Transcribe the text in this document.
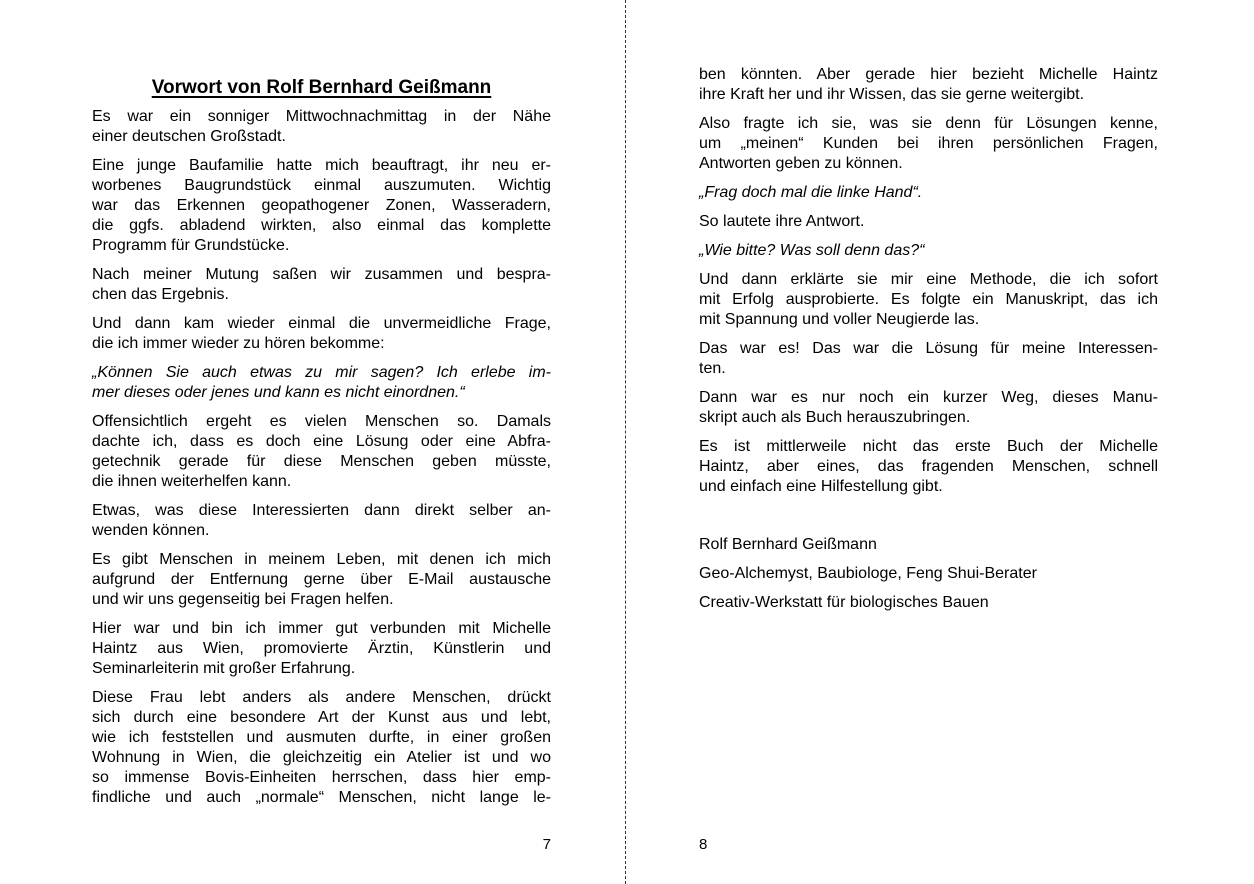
Vorwort von Rolf Bernhard Geißmann
Es war ein sonniger Mittwochnachmittag in der Nähe
einer deutschen Großstadt.
Eine junge Baufamilie hatte mich beauftragt, ihr neu er-
worbenes Baugrundstück einmal auszumuten. Wichtig
war das Erkennen geopathogener Zonen, Wasseradern,
die ggfs. abladend wirkten, also einmal das komplette
Programm für Grundstücke.
Nach meiner Mutung saßen wir zusammen und bespra-
chen das Ergebnis.
Und dann kam wieder einmal die unvermeidliche Frage,
die ich immer wieder zu hören bekomme:
„Können Sie auch etwas zu mir sagen? Ich erlebe im-
mer dieses oder jenes und kann es nicht einordnen.“
Offensichtlich ergeht es vielen Menschen so. Damals
dachte ich, dass es doch eine Lösung oder eine Abfra-
getechnik gerade für diese Menschen geben müsste,
die ihnen weiterhelfen kann.
Etwas, was diese Interessierten dann direkt selber an-
wenden können.
Es gibt Menschen in meinem Leben, mit denen ich mich
aufgrund der Entfernung gerne über E-Mail austausche
und wir uns gegenseitig bei Fragen helfen.
Hier war und bin ich immer gut verbunden mit Michelle
Haintz aus Wien, promovierte Ärztin, Künstlerin und
Seminarleiterin mit großer Erfahrung.
Diese Frau lebt anders als andere Menschen, drückt
sich durch eine besondere Art der Kunst aus und lebt,
wie ich feststellen und ausmuten durfte, in einer großen
Wohnung in Wien, die gleichzeitig ein Atelier ist und wo
so immense Bovis-Einheiten herrschen, dass hier emp-
findliche und auch „normale“ Menschen, nicht lange le-
ben könnten. Aber gerade hier bezieht Michelle Haintz
ihre Kraft her und ihr Wissen, das sie gerne weitergibt.
Also fragte ich sie, was sie denn für Lösungen kenne,
um „meinen“ Kunden bei ihren persönlichen Fragen,
Antworten geben zu können.
„Frag doch mal die linke Hand“.
So lautete ihre Antwort.
„Wie bitte? Was soll denn das?“
Und dann erklärte sie mir eine Methode, die ich sofort
mit Erfolg ausprobierte. Es folgte ein Manuskript, das ich
mit Spannung und voller Neugierde las.
Das war es! Das war die Lösung für meine Interessen-
ten.
Dann war es nur noch ein kurzer Weg, dieses Manu-
skript auch als Buch herauszubringen.
Es ist mittlerweile nicht das erste Buch der Michelle
Haintz, aber eines, das fragenden Menschen, schnell
und einfach eine Hilfestellung gibt.
Rolf Bernhard Geißmann
Geo-Alchemyst, Baubiologe, Feng Shui-Berater
Creativ-Werkstatt für biologisches Bauen
7	8
